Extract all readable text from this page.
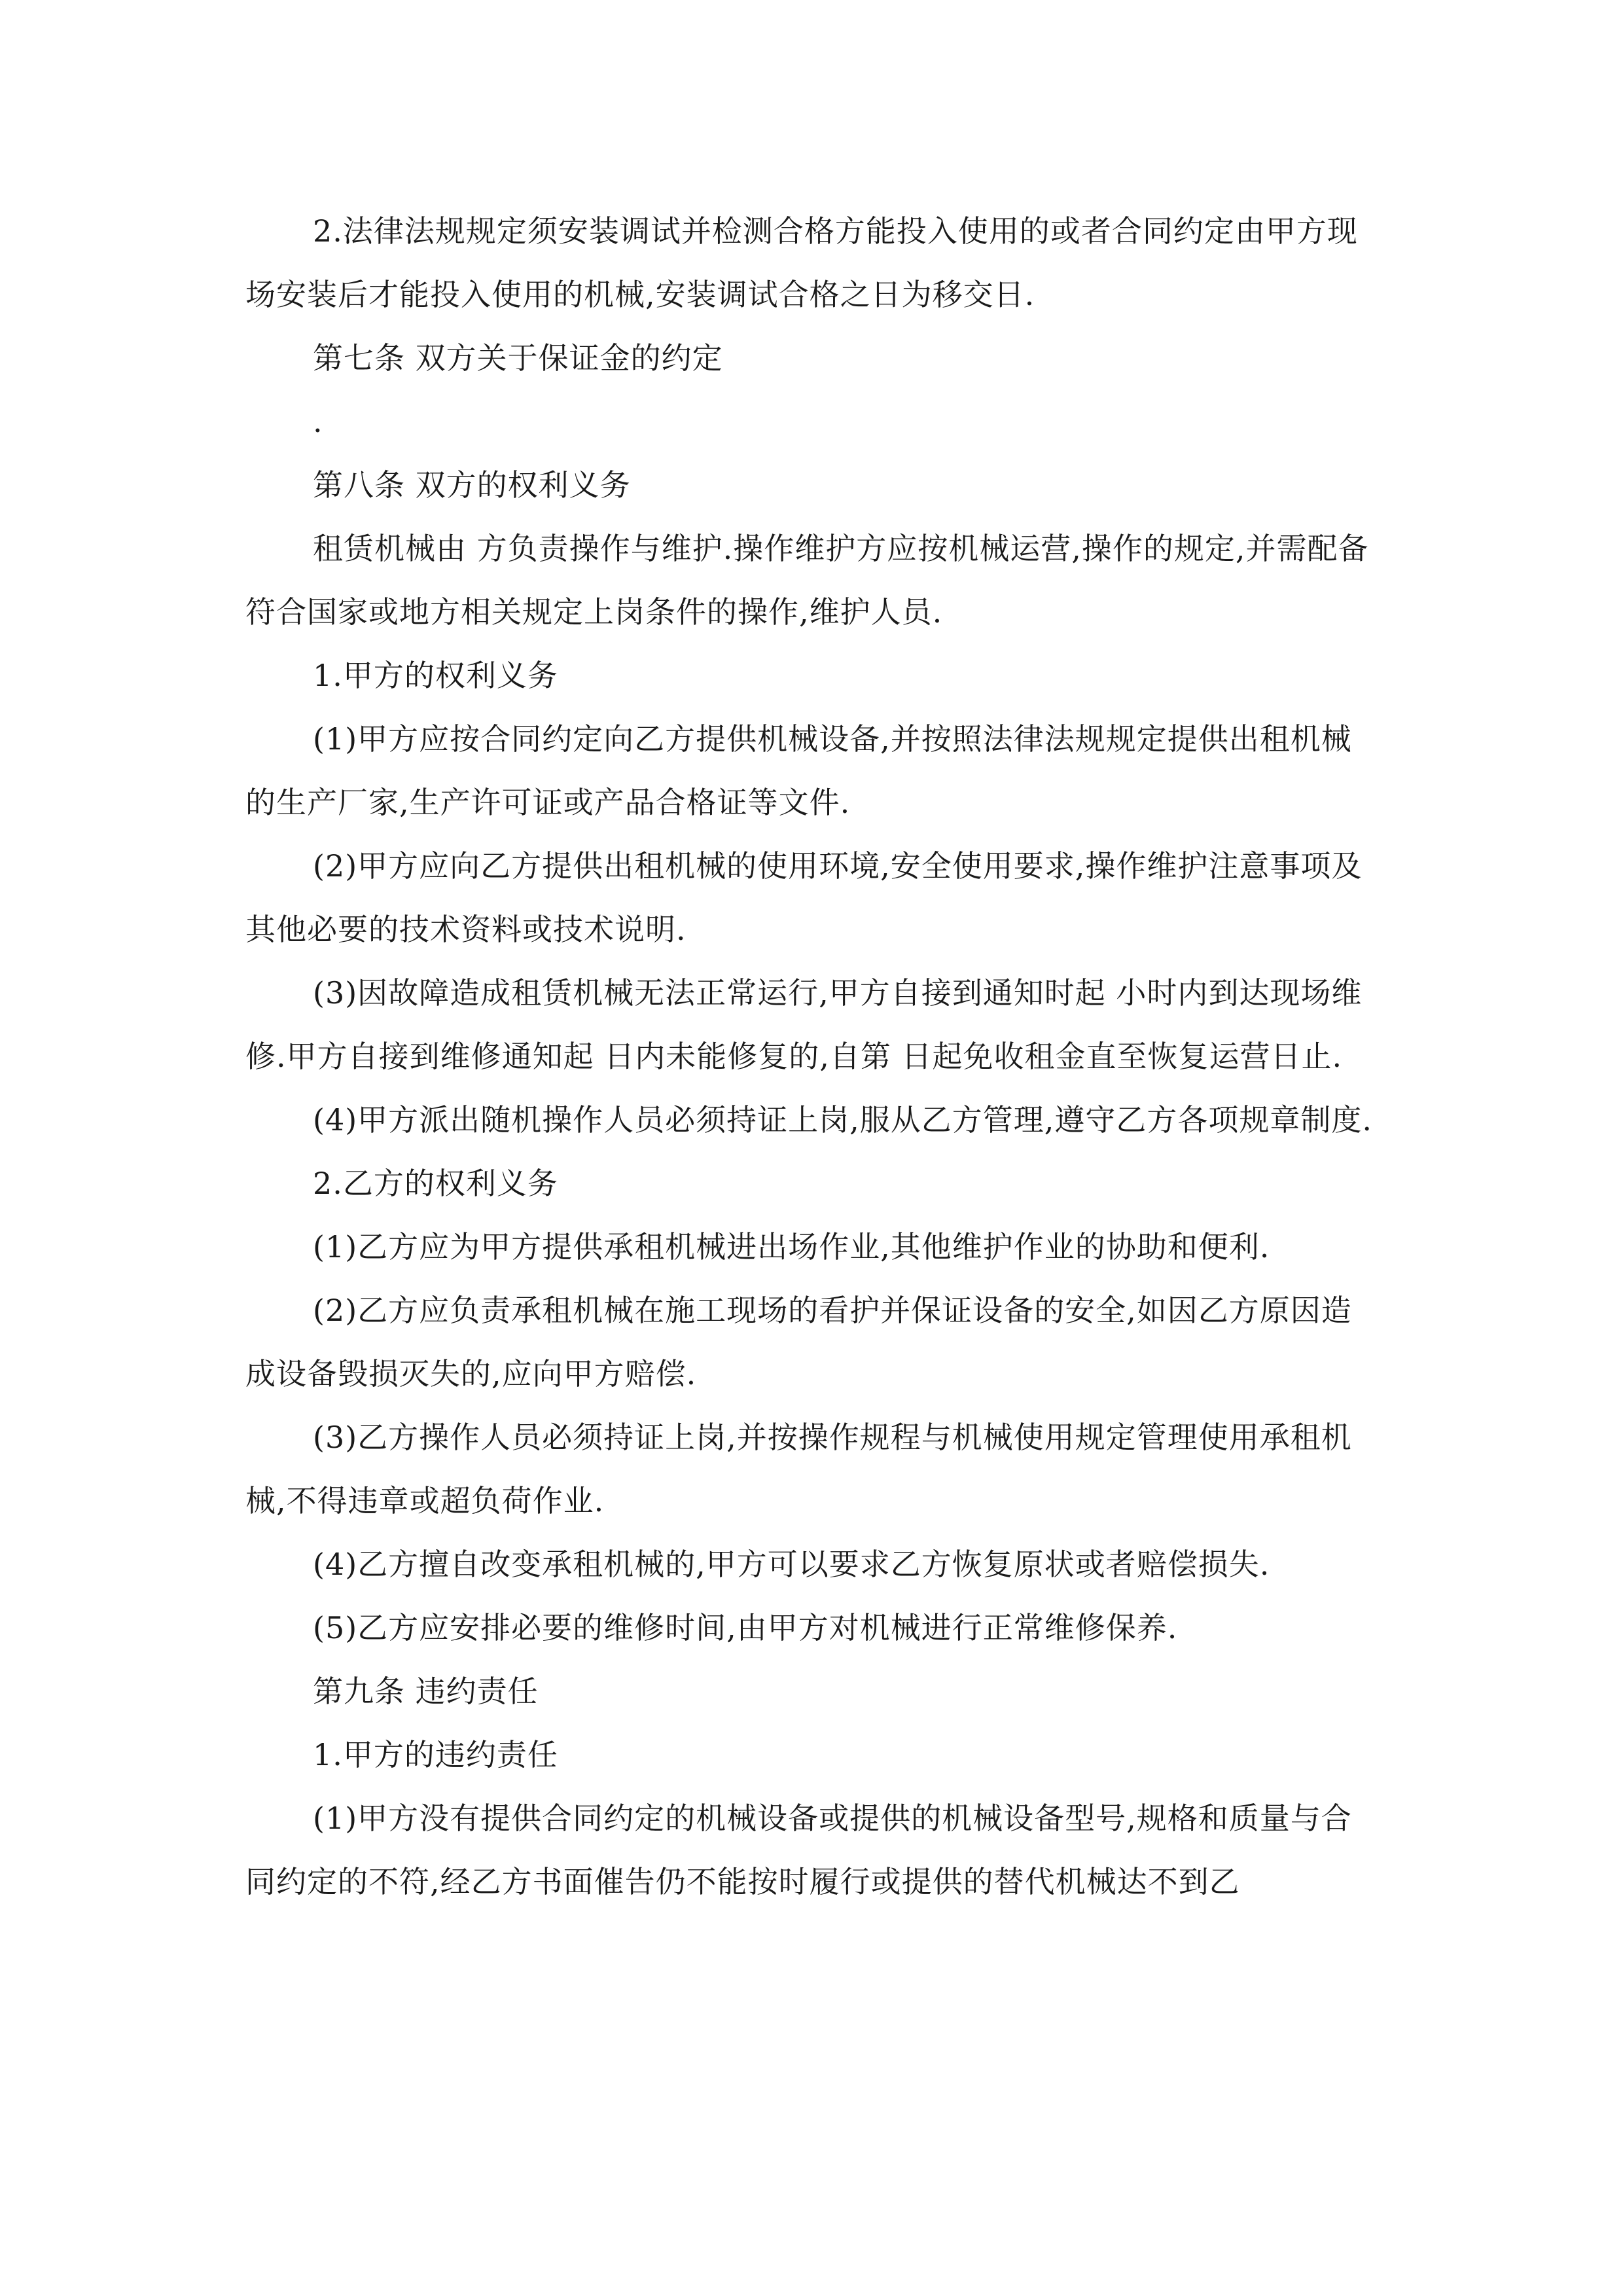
2.法律法规规定须安装调试并检测合格方能投入使用的或者合同约定由甲方现场安装后才能投入使用的机械,安装调试合格之日为移交日.

第七条 双方关于保证金的约定

.

第八条 双方的权利义务

租赁机械由 方负责操作与维护.操作维护方应按机械运营,操作的规定,并需配备符合国家或地方相关规定上岗条件的操作,维护人员.

1.甲方的权利义务

(1)甲方应按合同约定向乙方提供机械设备,并按照法律法规规定提供出租机械的生产厂家,生产许可证或产品合格证等文件.

(2)甲方应向乙方提供出租机械的使用环境,安全使用要求,操作维护注意事项及其他必要的技术资料或技术说明.

(3)因故障造成租赁机械无法正常运行,甲方自接到通知时起 小时内到达现场维修.甲方自接到维修通知起 日内未能修复的,自第 日起免收租金直至恢复运营日止.

(4)甲方派出随机操作人员必须持证上岗,服从乙方管理,遵守乙方各项规章制度.

2.乙方的权利义务

(1)乙方应为甲方提供承租机械进出场作业,其他维护作业的协助和便利.

(2)乙方应负责承租机械在施工现场的看护并保证设备的安全,如因乙方原因造成设备毁损灭失的,应向甲方赔偿.

(3)乙方操作人员必须持证上岗,并按操作规程与机械使用规定管理使用承租机械,不得违章或超负荷作业.

(4)乙方擅自改变承租机械的,甲方可以要求乙方恢复原状或者赔偿损失.

(5)乙方应安排必要的维修时间,由甲方对机械进行正常维修保养.

第九条 违约责任

1.甲方的违约责任

(1)甲方没有提供合同约定的机械设备或提供的机械设备型号,规格和质量与合同约定的不符,经乙方书面催告仍不能按时履行或提供的替代机械达不到乙
